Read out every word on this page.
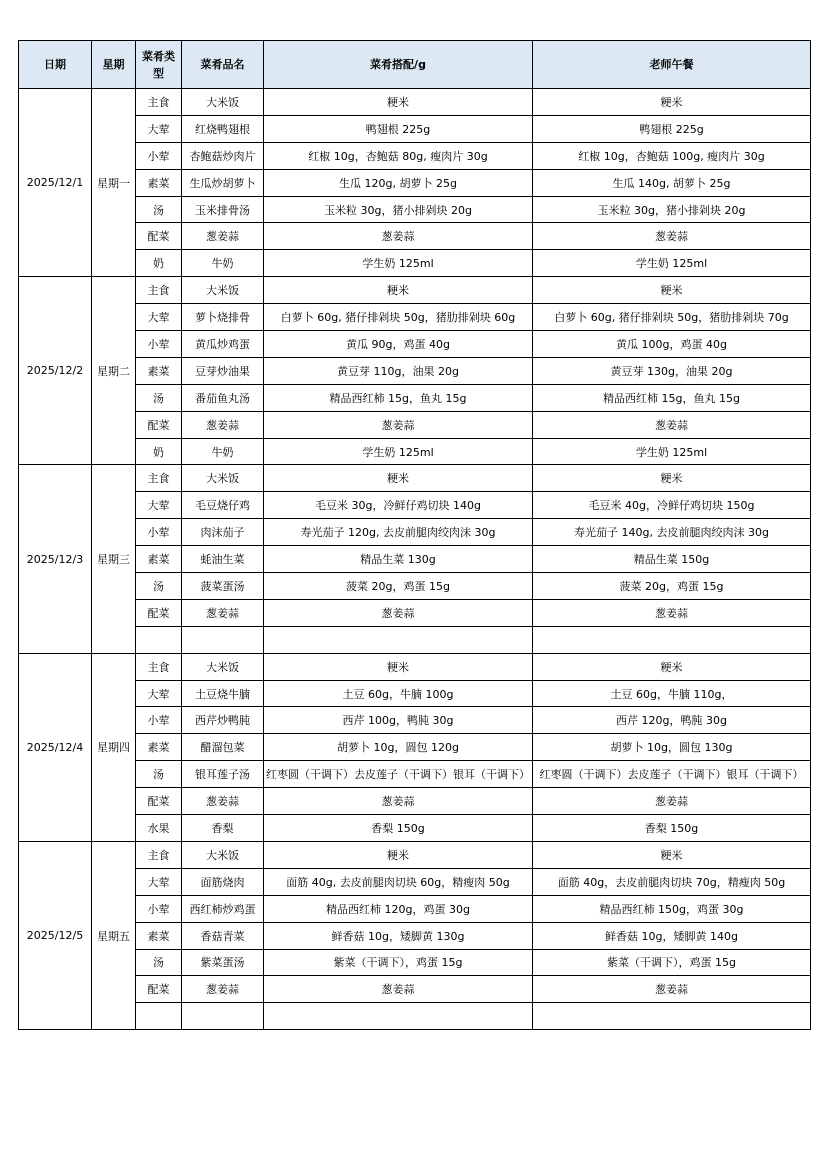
日期	星期	菜肴类型	菜肴品名	菜肴搭配/g	老师午餐
2025/12/1	星期一	主食	大米饭	粳米	粳米
		大荤	红烧鸭翅根	鸭翅根 225g	鸭翅根 225g
		小荤	杏鲍菇炒肉片	红椒 10g，杏鲍菇 80g, 瘦肉片 30g	红椒 10g，杏鲍菇 100g, 瘦肉片 30g
		素菜	生瓜炒胡萝卜	生瓜 120g, 胡萝卜 25g	生瓜 140g, 胡萝卜 25g
		汤	玉米排骨汤	玉米粒 30g，猪小排剁块 20g	玉米粒 30g，猪小排剁块 20g
		配菜	葱姜蒜	葱姜蒜	葱姜蒜
		奶	牛奶	学生奶 125ml	学生奶 125ml
2025/12/2	星期二	主食	大米饭	粳米	粳米
		大荤	萝卜烧排骨	白萝卜 60g, 猪仔排剁块 50g，猪肋排剁块 60g	白萝卜 60g, 猪仔排剁块 50g，猪肋排剁块 70g
		小荤	黄瓜炒鸡蛋	黄瓜 90g，鸡蛋 40g	黄瓜 100g，鸡蛋 40g
		素菜	豆芽炒油果	黄豆芽 110g，油果 20g	黄豆芽 130g，油果 20g
		汤	番茄鱼丸汤	精品西红柿 15g，鱼丸 15g	精品西红柿 15g，鱼丸 15g
		配菜	葱姜蒜	葱姜蒜	葱姜蒜
		奶	牛奶	学生奶 125ml	学生奶 125ml
2025/12/3	星期三	主食	大米饭	粳米	粳米
		大荤	毛豆烧仔鸡	毛豆米 30g，冷鲜仔鸡切块 140g	毛豆米 40g，冷鲜仔鸡切块 150g
		小荤	肉沫茄子	寿光茄子 120g, 去皮前腿肉绞肉沫 30g	寿光茄子 140g, 去皮前腿肉绞肉沫 30g
		素菜	蚝油生菜	精品生菜 130g	精品生菜 150g
		汤	菠菜蛋汤	菠菜 20g，鸡蛋 15g	菠菜 20g，鸡蛋 15g
		配菜	葱姜蒜	葱姜蒜	葱姜蒜

2025/12/4	星期四	主食	大米饭	粳米	粳米
		大荤	土豆烧牛腩	土豆 60g，牛腩 100g	土豆 60g，牛腩 110g，
		小荤	西芹炒鸭肫	西芹 100g，鸭肫 30g	西芹 120g，鸭肫 30g
		素菜	醋溜包菜	胡萝卜 10g，圆包 120g	胡萝卜 10g，圆包 130g
		汤	银耳莲子汤	红枣圆（干调下）去皮莲子（干调下）银耳（干调下）	红枣圆（干调下）去皮莲子（干调下）银耳（干调下）
		配菜	葱姜蒜	葱姜蒜	葱姜蒜
		水果	香梨	香梨 150g	香梨 150g
2025/12/5	星期五	主食	大米饭	粳米	粳米
		大荤	面筋烧肉	面筋 40g, 去皮前腿肉切块 60g，精瘦肉 50g	面筋 40g，去皮前腿肉切块 70g，精瘦肉 50g
		小荤	西红柿炒鸡蛋	精品西红柿 120g，鸡蛋 30g	精品西红柿 150g，鸡蛋 30g
		素菜	香菇青菜	鲜香菇 10g，矮脚黄 130g	鲜香菇 10g，矮脚黄 140g
		汤	紫菜蛋汤	紫菜（干调下），鸡蛋 15g	紫菜（干调下），鸡蛋 15g
		配菜	葱姜蒜	葱姜蒜	葱姜蒜
